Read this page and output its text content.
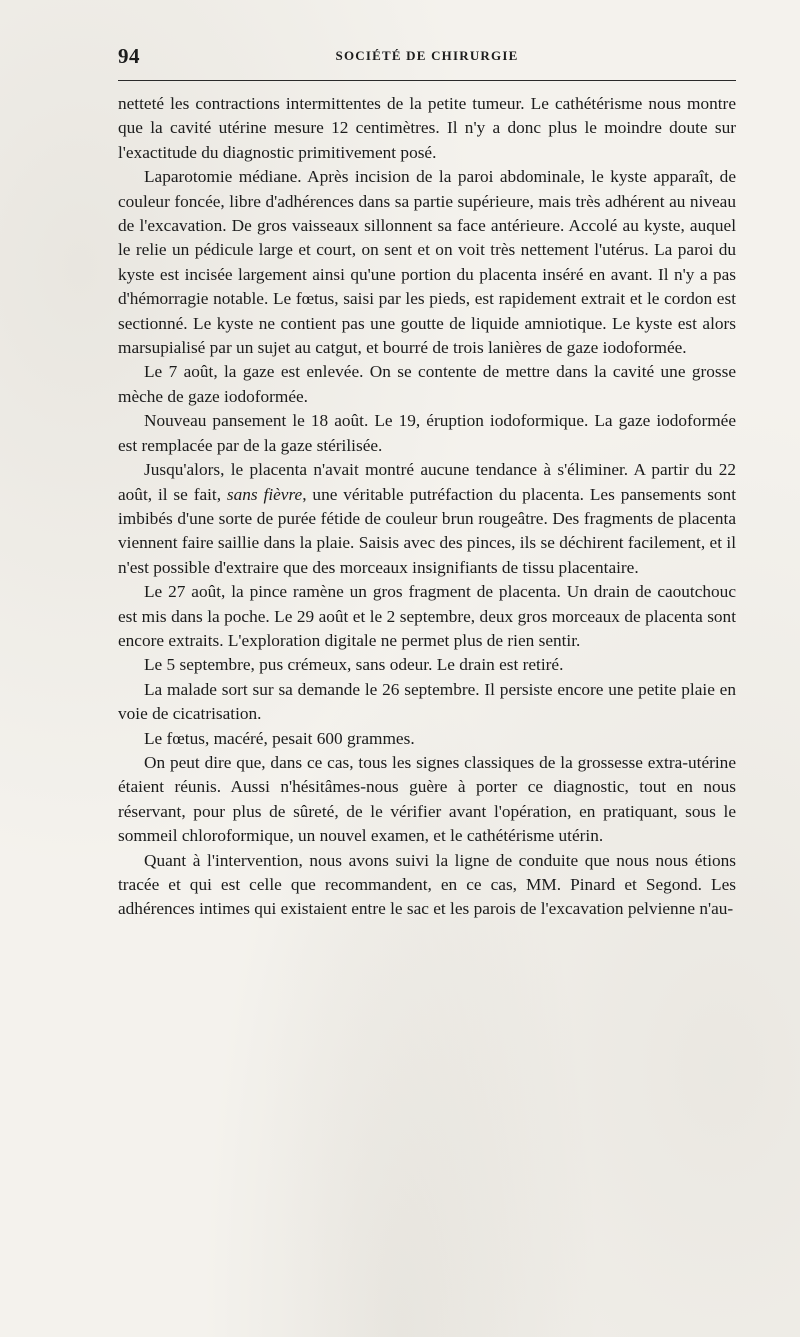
94	SOCIÉTÉ DE CHIRURGIE

netteté les contractions intermittentes de la petite tumeur. Le cathétérisme nous montre que la cavité utérine mesure 12 centimètres. Il n'y a donc plus le moindre doute sur l'exactitude du diagnostic primitivement posé.

Laparotomie médiane. Après incision de la paroi abdominale, le kyste apparaît, de couleur foncée, libre d'adhérences dans sa partie supérieure, mais très adhérent au niveau de l'excavation. De gros vaisseaux sillonnent sa face antérieure. Accolé au kyste, auquel le relie un pédicule large et court, on sent et on voit très nettement l'utérus. La paroi du kyste est incisée largement ainsi qu'une portion du placenta inséré en avant. Il n'y a pas d'hémorragie notable. Le fœtus, saisi par les pieds, est rapidement extrait et le cordon est sectionné. Le kyste ne contient pas une goutte de liquide amniotique. Le kyste est alors marsupialisé par un sujet au catgut, et bourré de trois lanières de gaze iodoformée.

Le 7 août, la gaze est enlevée. On se contente de mettre dans la cavité une grosse mèche de gaze iodoformée.

Nouveau pansement le 18 août. Le 19, éruption iodoformique. La gaze iodoformée est remplacée par de la gaze stérilisée.

Jusqu'alors, le placenta n'avait montré aucune tendance à s'éliminer. A partir du 22 août, il se fait, sans fièvre, une véritable putréfaction du placenta. Les pansements sont imbibés d'une sorte de purée fétide de couleur brun rougeâtre. Des fragments de placenta viennent faire saillie dans la plaie. Saisis avec des pinces, ils se déchirent facilement, et il n'est possible d'extraire que des morceaux insignifiants de tissu placentaire.

Le 27 août, la pince ramène un gros fragment de placenta. Un drain de caoutchouc est mis dans la poche. Le 29 août et le 2 septembre, deux gros morceaux de placenta sont encore extraits. L'exploration digitale ne permet plus de rien sentir.

Le 5 septembre, pus crémeux, sans odeur. Le drain est retiré.

La malade sort sur sa demande le 26 septembre. Il persiste encore une petite plaie en voie de cicatrisation.

Le fœtus, macéré, pesait 600 grammes.

On peut dire que, dans ce cas, tous les signes classiques de la grossesse extra-utérine étaient réunis. Aussi n'hésitâmes-nous guère à porter ce diagnostic, tout en nous réservant, pour plus de sûreté, de le vérifier avant l'opération, en pratiquant, sous le sommeil chloroformique, un nouvel examen, et le cathétérisme utérin.

Quant à l'intervention, nous avons suivi la ligne de conduite que nous nous étions tracée et qui est celle que recommandent, en ce cas, MM. Pinard et Segond. Les adhérences intimes qui existaient entre le sac et les parois de l'excavation pelvienne n'au-
